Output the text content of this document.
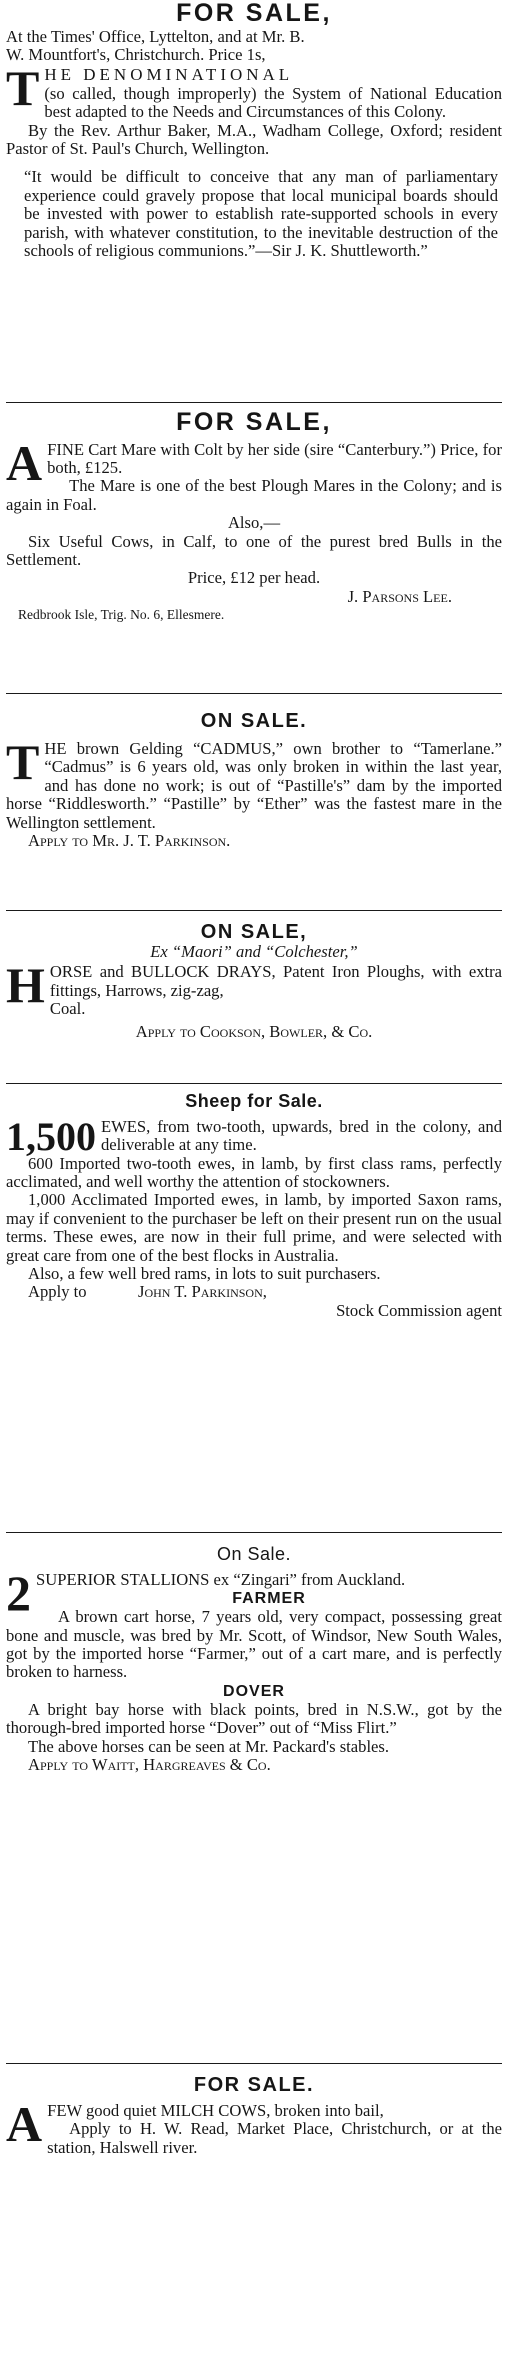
FOR SALE,

At the Times' Office, Lyttelton, and at Mr. B.

W. Mountfort's, Christchurch. Price 1s,

T HE DENOMINATIONAL

(so called, though improperly) the System of National Education best adapted to the Needs and Circumstances of this Colony.

By the Rev. Arthur Baker, M.A., Wadham College, Oxford; resident Pastor of St. Paul's Church, Wellington.

“It would be difficult to conceive that any man of parliamentary experience could gravely propose that local municipal boards should be invested with power to establish rate-supported schools in every parish, with whatever constitution, to the inevitable destruction of the schools of religious communions.”—Sir J. K. Shuttleworth.”

FOR SALE,
A FINE Cart Mare with Colt by her side (sire “Canterbury.”) Price, for both, £125.

The Mare is one of the best Plough Mares in the Colony; and is again in Foal.

Also,—

Six Useful Cows, in Calf, to one of the purest bred Bulls in the Settlement.

Price, £12 per head.

J. Parsons Lee.

Redbrook Isle, Trig. No. 6, Ellesmere.

ON SALE.
T HE brown Gelding “CADMUS,” own brother to “Tamerlane.” “Cadmus” is 6 years old, was only broken in within the last year, and has done no work; is out of “Pastille's” dam by the imported horse “Riddlesworth.” “Pastille” by “Ether” was the fastest mare in the Wellington settlement.

Apply to Mr. J. T. Parkinson.

ON SALE,

Ex “Maori” and “Colchester,”

H ORSE and BULLOCK DRAYS, Patent Iron Ploughs, with extra fittings, Harrows, zig-zag,

Coal.

Apply to Cookson, Bowler, & Co.

Sheep for Sale.
1,500 EWES, from two-tooth, upwards, bred in the colony, and deliverable at any time.

600 Imported two-tooth ewes, in lamb, by first class rams, perfectly acclimated, and well worthy the attention of stockowners.

1,000 Acclimated Imported ewes, in lamb, by imported Saxon rams, may if convenient to the purchaser be left on their present run on the usual terms. These ewes, are now in their full prime, and were selected with great care from one of the best flocks in Australia.

Also, a few well bred rams, in lots to suit purchasers.

Apply to	John T. Parkinson,

Stock Commission agent

On Sale.
2 SUPERIOR STALLIONS ex “Zingari” from Auckland.

FARMER

A brown cart horse, 7 years old, very compact, possessing great bone and muscle, was bred by Mr. Scott, of Windsor, New South Wales, got by the imported horse “Farmer,” out of a cart mare, and is perfectly broken to harness.

DOVER

A bright bay horse with black points, bred in N.S.W., got by the thorough-bred imported horse “Dover” out of “Miss Flirt.”

The above horses can be seen at Mr. Packard's stables.

Apply to Waitt, Hargreaves & Co.

FOR SALE.
A FEW good quiet MILCH COWS, broken into bail,

Apply to H. W. Read, Market Place, Christchurch, or at the station, Halswell river.
